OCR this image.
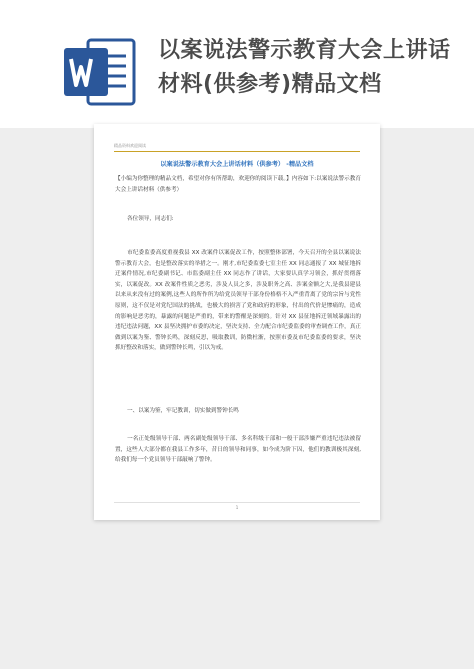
以案说法警示教育大会上讲话
材料(供参考)精品文档
精品资料欢迎阅读
以案说法警示教育大会上讲话材料（供参考） -精品文档
【小编为你整理的精品文档，希望对你有所帮助，欢迎你的阅读下载。】内容如下:以案说法警示教育大会上讲话材料（供参考）
各位领导，同志们:
市纪委监委高度重视我县 XX 改案件以案促改工作，按照整体部署，今天召开的全县以案说法警示教育大会，也是整改落实的举措之一。刚才,市纪委监委七室主任 XX 同志通报了 XX 城征地拆迁案件情况,市纪委副书记、市监委副主任 XX 同志作了讲话，大家要认真学习领会，抓好贯彻落实，以案促改。XX 改案件性质之恶劣，涉及人员之多，涉及职务之高、涉案金额之大,是我县建县以来从来没有过的案例,这些人的所作所为给党员领导干部身份格格不入严重背离了党的宗旨与党性原则，这不仅是对党纪国法的挑战，也极大的损害了党和政府的形象，付出的代价是惨痛的，造成的影响是恶劣的，暴露的问题是严重的，带来的警醒是深刻的。针对 XX 县征地拆迁领域暴露出的违纪违法问题，XX 县坚决拥护市委的决定，坚决支持、全力配合市纪委监委的审查调查工作，真正做到以案为鉴、警钟长鸣，深刻反思，吸取教训，防微杜渐，按照市委及市纪委监委的要求，坚决抓好整改和落实，做到警钟长鸣，引以为戒。
一、以案为鉴，牢记教训，切实做到警钟长鸣
一名正处级领导干部、两名副处级领导干部、多名科级干部和一般干部涉嫌严重违纪违法被留置，这些人大部分都在我县工作多年，昔日的领导和同事，如今成为阶下囚，他们的教训极其深刻,给我们每一个党员领导干部敲响了警钟。
1
